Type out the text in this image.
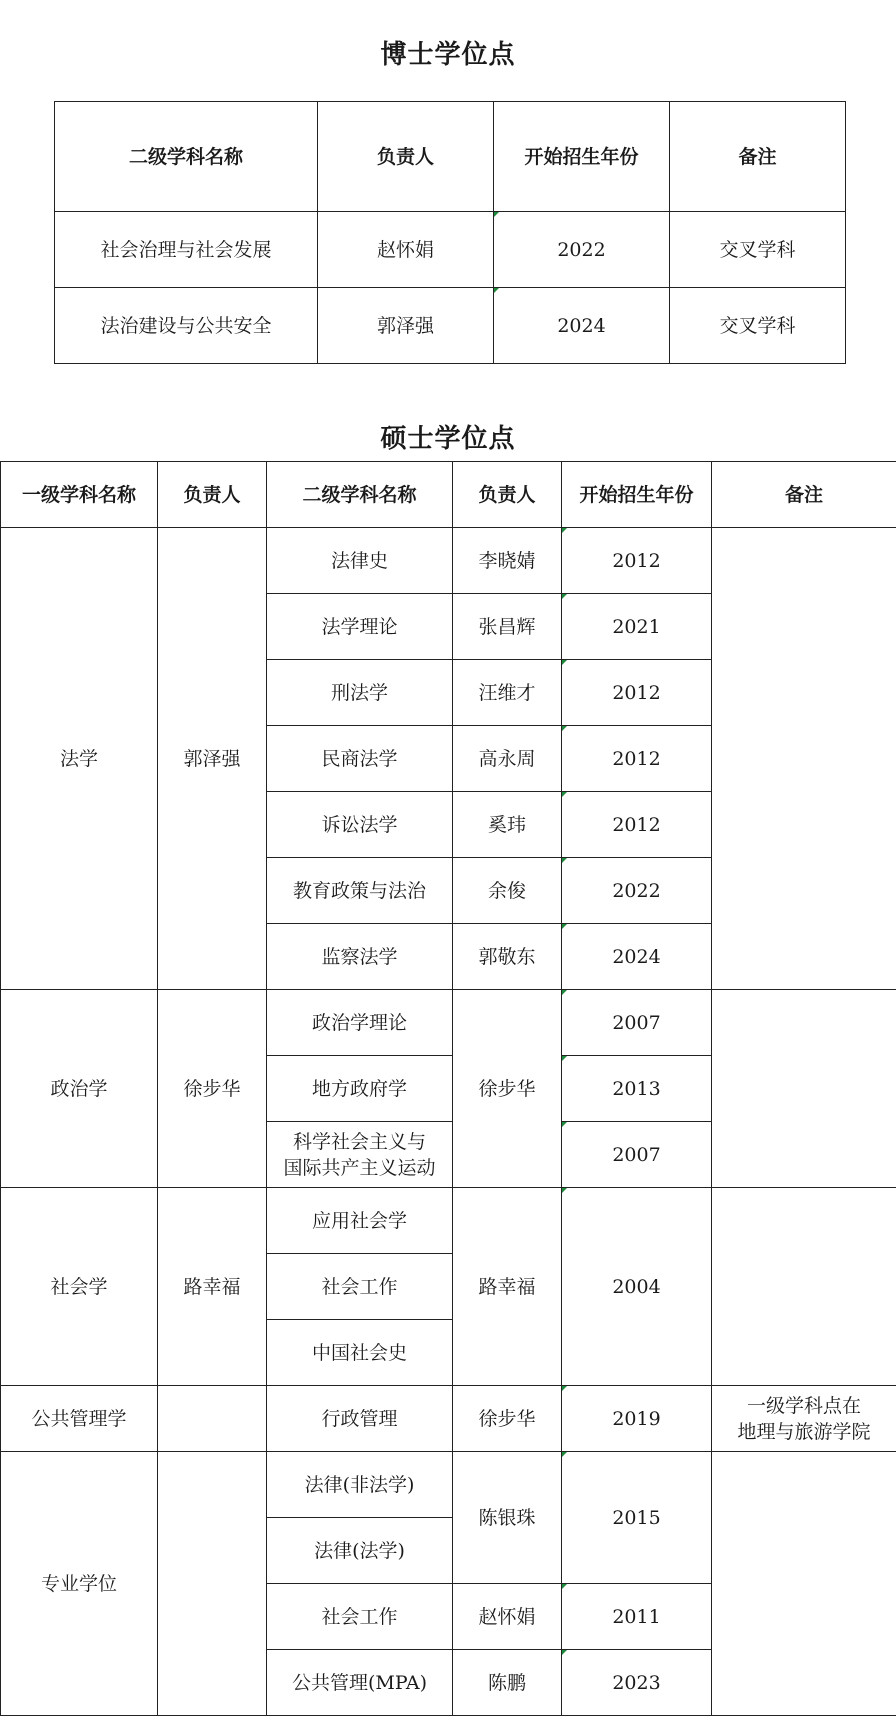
博士学位点
二级学科名称	负责人	开始招生年份	备注
社会治理与社会发展	赵怀娟	2022	交叉学科
法治建设与公共安全	郭泽强	2024	交叉学科
硕士学位点
一级学科名称	负责人	二级学科名称	负责人	开始招生年份	备注
法学	郭泽强	法律史	李晓婧	2012	
		法学理论	张昌辉	2021	
		刑法学	汪维才	2012	
		民商法学	高永周	2012	
		诉讼法学	奚玮	2012	
		教育政策与法治	余俊	2022	
		监察法学	郭敬东	2024	
政治学	徐步华	政治学理论	徐步华	2007	
		地方政府学		2013	
		科学社会主义与
国际共产主义运动		2007	
社会学	路幸福	应用社会学	路幸福	2004	
		社会工作			
		中国社会史			
公共管理学		行政管理	徐步华	2019	一级学科点在
地理与旅游学院
专业学位		法律(非法学)	陈银珠	2015	
		法律(法学)			
		社会工作	赵怀娟	2011	
		公共管理(MPA)	陈鹏	2023	
